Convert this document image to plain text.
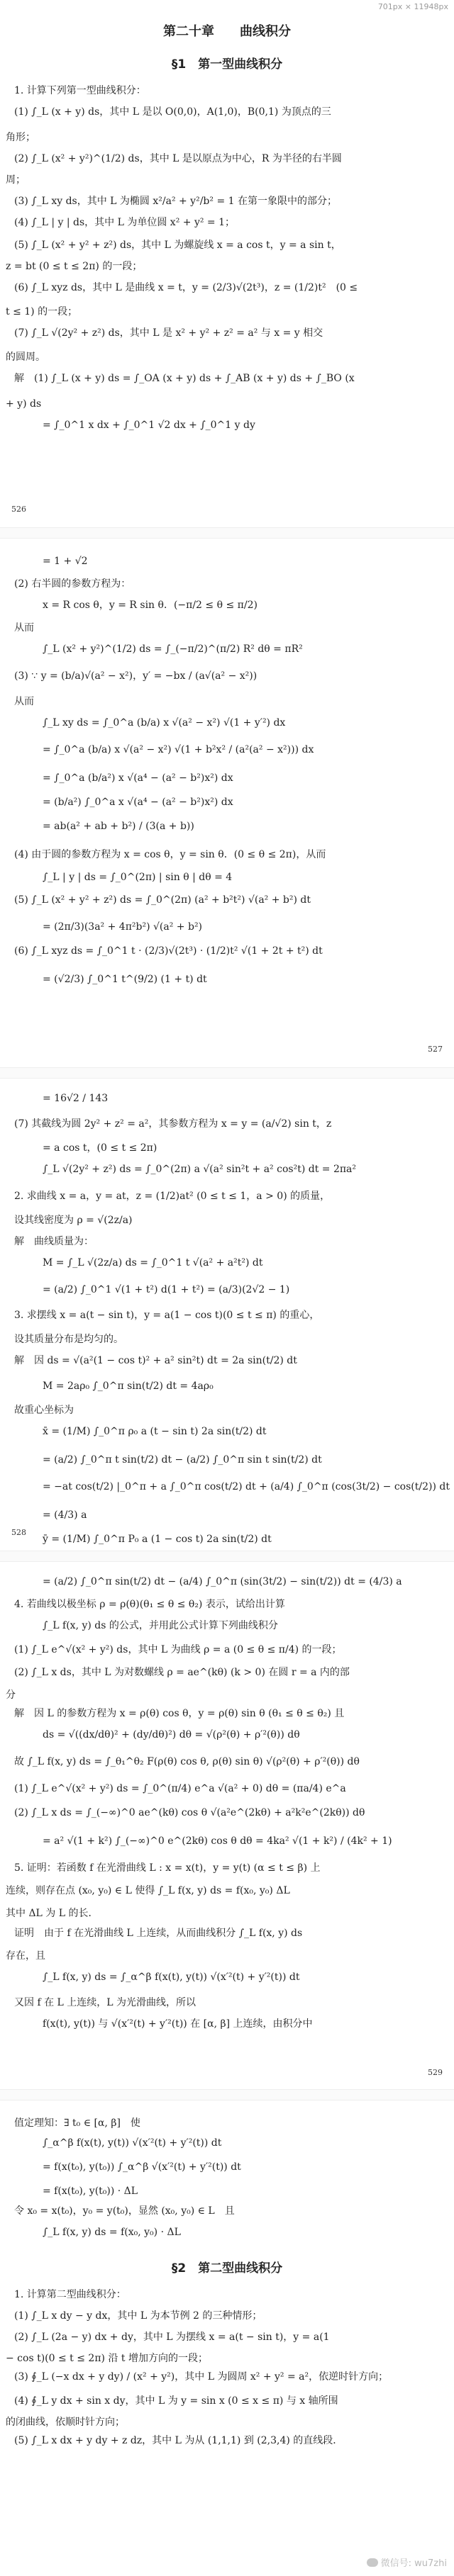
701px × 11948px
第二十章　　曲线积分
§1　第一型曲线积分
1. 计算下列第一型曲线积分：
(1) ∫_L (x + y) ds，其中 L 是以 O(0,0)，A(1,0)，B(0,1) 为顶点的三
角形；
(2) ∫_L (x² + y²)^(1/2) ds，其中 L 是以原点为中心，R 为半径的右半圆
周；
(3) ∫_L xy ds，其中 L 为椭圆 x²/a² + y²/b² = 1 在第一象限中的部分；
(4) ∫_L | y | ds，其中 L 为单位圆 x² + y² = 1；
(5) ∫_L (x² + y² + z²) ds，其中 L 为螺旋线 x = a cos t，y = a sin t，
z = bt (0 ≤ t ≤ 2π) 的一段；
(6) ∫_L xyz ds，其中 L 是曲线 x = t，y = (2/3)√(2t³)，z = (1/2)t²　(0 ≤
t ≤ 1) 的一段；
(7) ∫_L √(2y² + z²) ds，其中 L 是 x² + y² + z² = a² 与 x = y 相交
的圆周。
解　(1) ∫_L (x + y) ds = ∫_OA (x + y) ds + ∫_AB (x + y) ds + ∫_BO (x
+ y) ds
= ∫_0^1 x dx + ∫_0^1 √2 dx + ∫_0^1 y dy
526
= 1 + √2
(2) 右半圆的参数方程为：
x = R cos θ，y = R sin θ．(−π/2 ≤ θ ≤ π/2)
从而
∫_L (x² + y²)^(1/2) ds = ∫_(−π/2)^(π/2) R² dθ = πR²
(3) ∵ y = (b/a)√(a² − x²)，y′ = −bx / (a√(a² − x²))
从而
∫_L xy ds = ∫_0^a (b/a) x √(a² − x²) √(1 + y′²) dx
= ∫_0^a (b/a) x √(a² − x²) √(1 + b²x² / (a²(a² − x²))) dx
= ∫_0^a (b/a²) x √(a⁴ − (a² − b²)x²) dx
= (b/a²) ∫_0^a x √(a⁴ − (a² − b²)x²) dx
= ab(a² + ab + b²) / (3(a + b))
(4) 由于圆的参数方程为 x = cos θ，y = sin θ．(0 ≤ θ ≤ 2π)，从而
∫_L | y | ds = ∫_0^(2π) | sin θ | dθ = 4
(5) ∫_L (x² + y² + z²) ds = ∫_0^(2π) (a² + b²t²) √(a² + b²) dt
= (2π/3)(3a² + 4π²b²) √(a² + b²)
(6) ∫_L xyz ds = ∫_0^1 t · (2/3)√(2t³) · (1/2)t² √(1 + 2t + t²) dt
= (√2/3) ∫_0^1 t^(9/2) (1 + t) dt
527
= 16√2 / 143
(7) 其截线为圆 2y² + z² = a²，其参数方程为 x = y = (a/√2) sin t，z
= a cos t，(0 ≤ t ≤ 2π)
∫_L √(2y² + z²) ds = ∫_0^(2π) a √(a² sin²t + a² cos²t) dt = 2πa²
2. 求曲线 x = a，y = at，z = (1/2)at² (0 ≤ t ≤ 1，a > 0) 的质量，
设其线密度为 ρ = √(2z/a)
解　曲线质量为：
M = ∫_L √(2z/a) ds = ∫_0^1 t √(a² + a²t²) dt
= (a/2) ∫_0^1 √(1 + t²) d(1 + t²) = (a/3)(2√2 − 1)
3. 求摆线 x = a(t − sin t)，y = a(1 − cos t)(0 ≤ t ≤ π) 的重心，
设其质量分布是均匀的。
解　因 ds = √(a²(1 − cos t)² + a² sin²t) dt = 2a sin(t/2) dt
M = 2aρ₀ ∫_0^π sin(t/2) dt = 4aρ₀
故重心坐标为
x̄ = (1/M) ∫_0^π ρ₀ a (t − sin t) 2a sin(t/2) dt
= (a/2) ∫_0^π t sin(t/2) dt − (a/2) ∫_0^π sin t sin(t/2) dt
= −at cos(t/2) |_0^π + a ∫_0^π cos(t/2) dt + (a/4) ∫_0^π (cos(3t/2) − cos(t/2)) dt
= (4/3) a
ȳ = (1/M) ∫_0^π P₀ a (1 − cos t) 2a sin(t/2) dt
528
= (a/2) ∫_0^π sin(t/2) dt − (a/4) ∫_0^π (sin(3t/2) − sin(t/2)) dt = (4/3) a
4. 若曲线以极坐标 ρ = ρ(θ)(θ₁ ≤ θ ≤ θ₂) 表示，试给出计算
∫_L f(x, y) ds 的公式，并用此公式计算下列曲线积分
(1) ∫_L e^√(x² + y²) ds，其中 L 为曲线 ρ = a (0 ≤ θ ≤ π/4) 的一段；
(2) ∫_L x ds，其中 L 为对数螺线 ρ = ae^(kθ) (k > 0) 在圆 r = a 内的部
分
解　因 L 的参数方程为 x = ρ(θ) cos θ，y = ρ(θ) sin θ (θ₁ ≤ θ ≤ θ₂) 且
ds = √((dx/dθ)² + (dy/dθ)²) dθ = √(ρ²(θ) + ρ′²(θ)) dθ
故 ∫_L f(x, y) ds = ∫_θ₁^θ₂ F(ρ(θ) cos θ, ρ(θ) sin θ) √(ρ²(θ) + ρ′²(θ)) dθ
(1) ∫_L e^√(x² + y²) ds = ∫_0^(π/4) e^a √(a² + 0) dθ = (πa/4) e^a
(2) ∫_L x ds = ∫_(−∞)^0 ae^(kθ) cos θ √(a²e^(2kθ) + a²k²e^(2kθ)) dθ
= a² √(1 + k²) ∫_(−∞)^0 e^(2kθ) cos θ dθ = 4ka² √(1 + k²) / (4k² + 1)
5. 证明：若函数 f 在光滑曲线 L : x = x(t)，y = y(t) (α ≤ t ≤ β) 上
连续，则存在点 (x₀, y₀) ∈ L 使得 ∫_L f(x, y) ds = f(x₀, y₀) ΔL
其中 ΔL 为 L 的长．
证明　由于 f 在光滑曲线 L 上连续，从而曲线积分 ∫_L f(x, y) ds
存在，且
∫_L f(x, y) ds = ∫_α^β f(x(t), y(t)) √(x′²(t) + y′²(t)) dt
又因 f 在 L 上连续，L 为光滑曲线，所以
f(x(t), y(t)) 与 √(x′²(t) + y′²(t)) 在 [α, β] 上连续，由积分中
529
值定理知：∃ t₀ ∈ [α, β]　使
∫_α^β f(x(t), y(t)) √(x′²(t) + y′²(t)) dt
= f(x(t₀), y(t₀)) ∫_α^β √(x′²(t) + y′²(t)) dt
= f(x(t₀), y(t₀)) · ΔL
令 x₀ = x(t₀)，y₀ = y(t₀)，显然 (x₀, y₀) ∈ L　且
∫_L f(x, y) ds = f(x₀, y₀) · ΔL
§2　第二型曲线积分
1. 计算第二型曲线积分：
(1) ∫_L x dy − y dx，其中 L 为本节例 2 的三种情形；
(2) ∫_L (2a − y) dx + dy，其中 L 为摆线 x = a(t − sin t)，y = a(1
− cos t)(0 ≤ t ≤ 2π) 沿 t 增加方向的一段；
(3) ∮_L (−x dx + y dy) / (x² + y²)，其中 L 为圆周 x² + y² = a²，依逆时针方向；
(4) ∮_L y dx + sin x dy，其中 L 为 y = sin x (0 ≤ x ≤ π) 与 x 轴所围
的闭曲线，依顺时针方向；
(5) ∫_L x dx + y dy + z dz，其中 L 为从 (1,1,1) 到 (2,3,4) 的直线段．
微信号: wu7zhi
